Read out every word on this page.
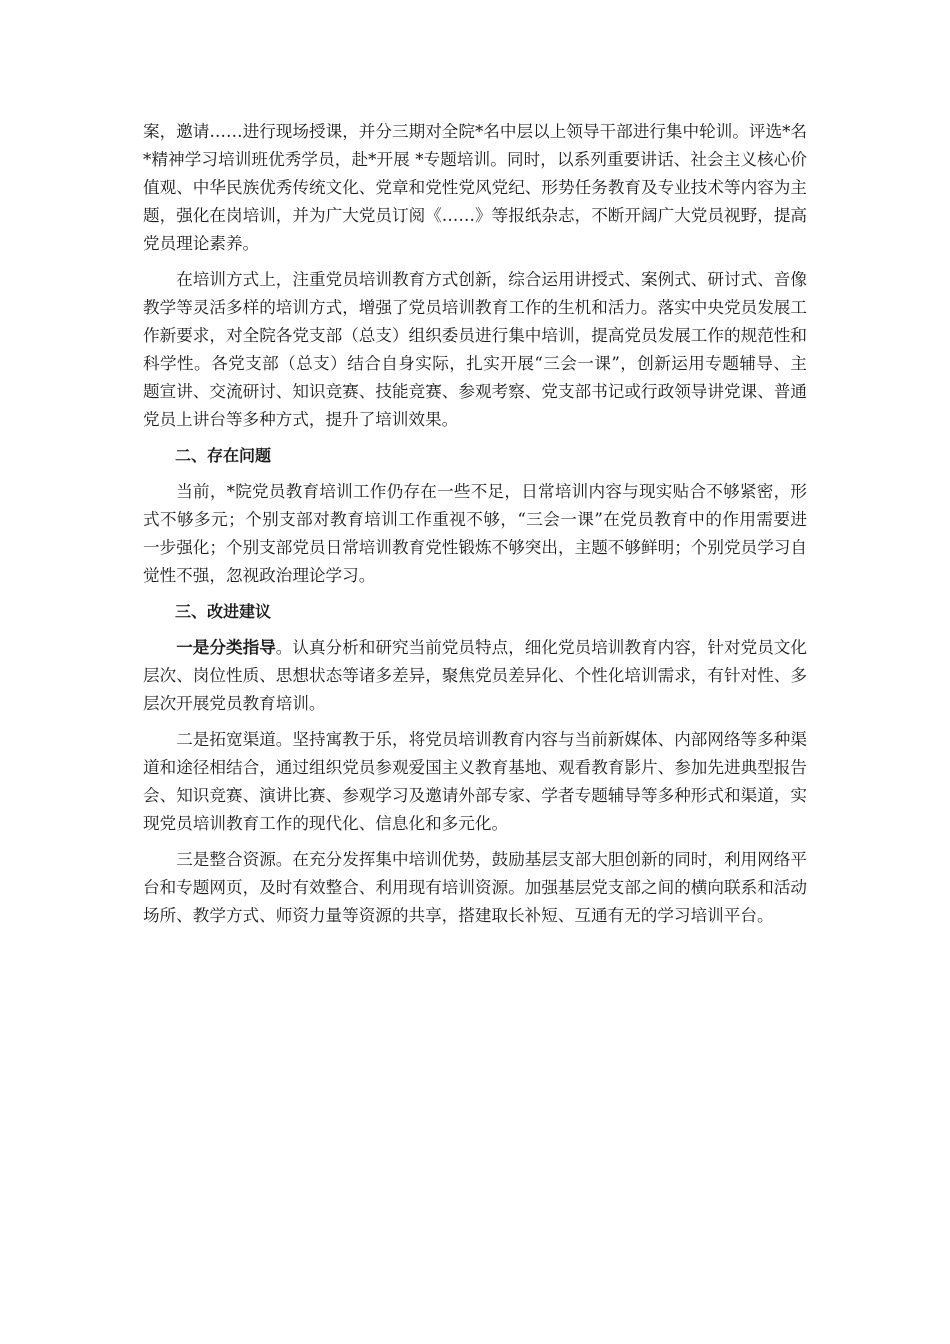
案，邀请……进行现场授课，并分三期对全院*名中层以上领导干部进行集中轮训。评选*名*精神学习培训班优秀学员，赴*开展 *专题培训。同时，以系列重要讲话、社会主义核心价值观、中华民族优秀传统文化、党章和党性党风党纪、形势任务教育及专业技术等内容为主题，强化在岗培训，并为广大党员订阅《……》等报纸杂志，不断开阔广大党员视野，提高党员理论素养。

在培训方式上，注重党员培训教育方式创新，综合运用讲授式、案例式、研讨式、音像教学等灵活多样的培训方式，增强了党员培训教育工作的生机和活力。落实中央党员发展工作新要求，对全院各党支部（总支）组织委员进行集中培训，提高党员发展工作的规范性和科学性。各党支部（总支）结合自身实际，扎实开展“三会一课”，创新运用专题辅导、主题宣讲、交流研讨、知识竞赛、技能竞赛、参观考察、党支部书记或行政领导讲党课、普通党员上讲台等多种方式，提升了培训效果。

二、存在问题

当前，*院党员教育培训工作仍存在一些不足，日常培训内容与现实贴合不够紧密，形式不够多元；个别支部对教育培训工作重视不够，“三会一课”在党员教育中的作用需要进一步强化；个别支部党员日常培训教育党性锻炼不够突出，主题不够鲜明；个别党员学习自觉性不强，忽视政治理论学习。

三、改进建议

一是分类指导。认真分析和研究当前党员特点，细化党员培训教育内容，针对党员文化层次、岗位性质、思想状态等诸多差异，聚焦党员差异化、个性化培训需求，有针对性、多层次开展党员教育培训。

二是拓宽渠道。坚持寓教于乐，将党员培训教育内容与当前新媒体、内部网络等多种渠道和途径相结合，通过组织党员参观爱国主义教育基地、观看教育影片、参加先进典型报告会、知识竞赛、演讲比赛、参观学习及邀请外部专家、学者专题辅导等多种形式和渠道，实现党员培训教育工作的现代化、信息化和多元化。

三是整合资源。在充分发挥集中培训优势，鼓励基层支部大胆创新的同时，利用网络平台和专题网页，及时有效整合、利用现有培训资源。加强基层党支部之间的横向联系和活动场所、教学方式、师资力量等资源的共享，搭建取长补短、互通有无的学习培训平台。
